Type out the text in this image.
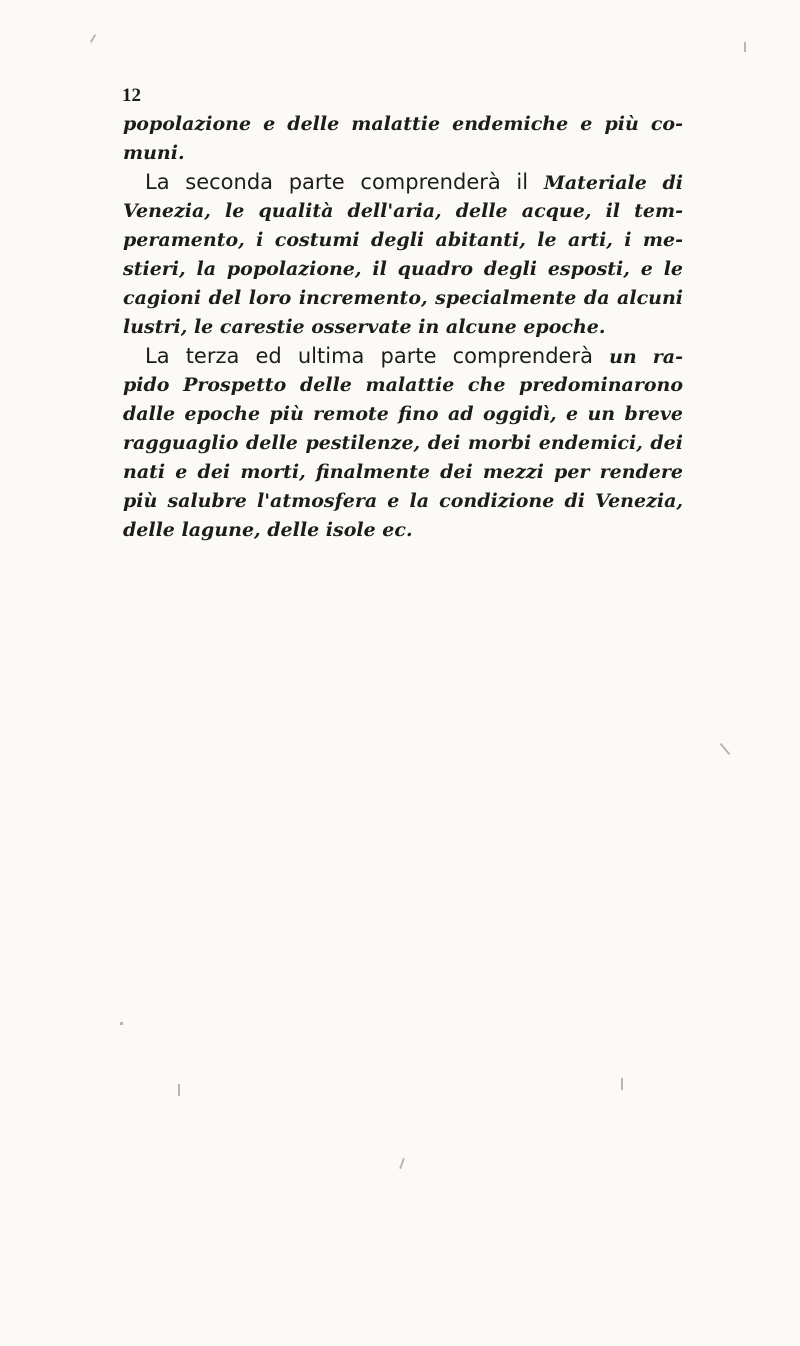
12
popolazione e delle malattie endemiche e più co-
muni.
La seconda parte comprenderà il Materiale di
Venezia, le qualità dell'aria, delle acque, il tem-
peramento, i costumi degli abitanti, le arti, i me-
stieri, la popolazione, il quadro degli esposti, e le
cagioni del loro incremento, specialmente da alcuni
lustri, le carestie osservate in alcune epoche.
La terza ed ultima parte comprenderà un ra-
pido Prospetto delle malattie che predominarono
dalle epoche più remote fino ad oggidì, e un breve
ragguaglio delle pestilenze, dei morbi endemici, dei
nati e dei morti, finalmente dei mezzi per rendere
più salubre l'atmosfera e la condizione di Venezia,
delle lagune, delle isole ec.
